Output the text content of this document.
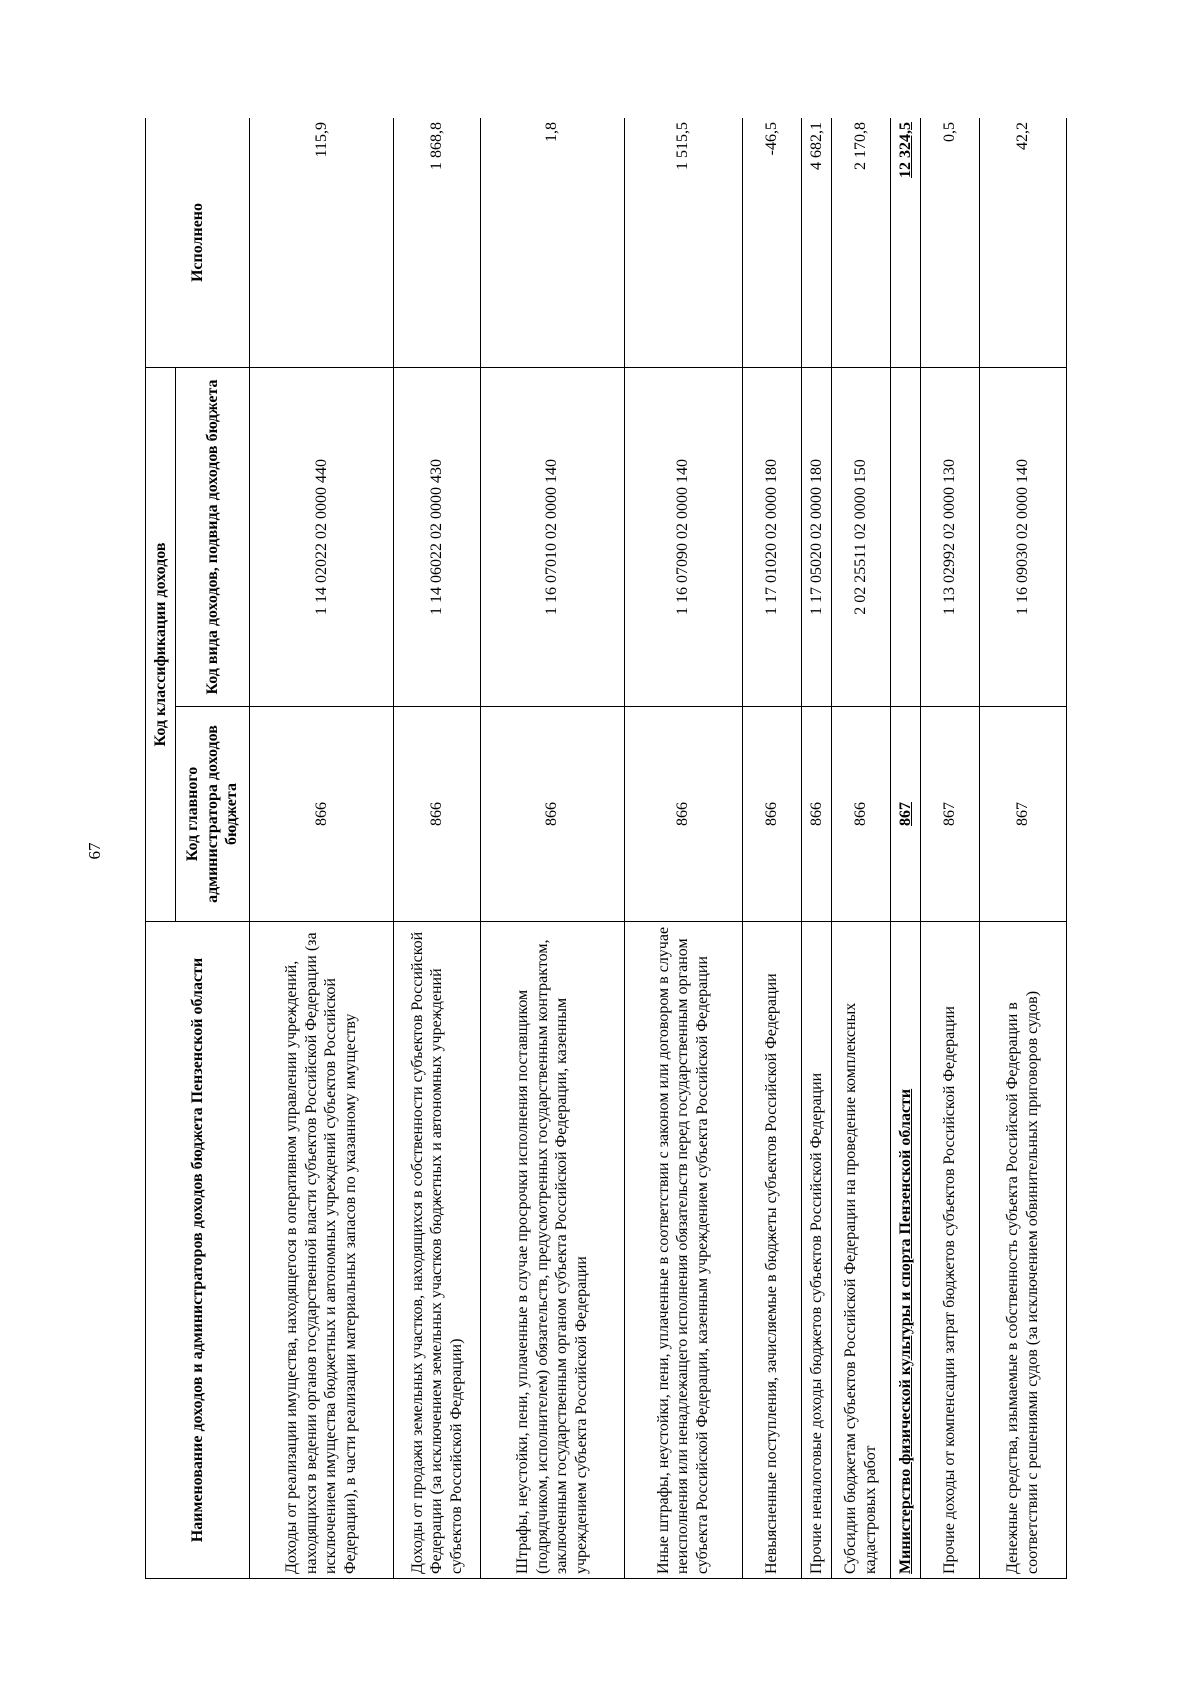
67
Наименование доходов и администраторов доходов бюджета Пензенской области	Код классификации доходов		Исполнено
	Код главного администратора доходов бюджета	Код вида доходов, подвида доходов бюджета	
Доходы от реализации имущества, находящегося в оперативном управлении учреждений, находящихся в ведении органов государственной власти субъектов Российской Федерации (за исключением имущества бюджетных и автономных учреждений субъектов Российской Федерации), в части реализации материальных запасов по указанному имуществу	866	1 14 02022 02 0000 440	115,9
Доходы от продажи земельных участков, находящихся в собственности субъектов Российской Федерации (за исключением земельных участков бюджетных и автономных учреждений субъектов Российской Федерации)	866	1 14 06022 02 0000 430	1 868,8
Штрафы, неустойки, пени, уплаченные в случае просрочки исполнения поставщиком (подрядчиком, исполнителем) обязательств, предусмотренных государственным контрактом, заключенным государственным органом субъекта Российской Федерации, казенным учреждением субъекта Российской Федерации	866	1 16 07010 02 0000 140	1,8
Иные штрафы, неустойки, пени, уплаченные в соответствии с законом или договором в случае неисполнения или ненадлежащего исполнения обязательств перед государственным органом субъекта Российской Федерации, казенным учреждением субъекта Российской Федерации	866	1 16 07090 02 0000 140	1 515,5
Невыясненные поступления, зачисляемые в бюджеты субъектов Российской Федерации	866	1 17 01020 02 0000 180	-46,5
Прочие неналоговые доходы бюджетов субъектов Российской Федерации	866	1 17 05020 02 0000 180	4 682,1
Субсидии бюджетам субъектов Российской Федерации на проведение комплексных кадастровых работ	866	2 02 25511 02 0000 150	2 170,8
Министерство физической культуры и спорта Пензенской области	867		12 324,5
Прочие доходы от компенсации затрат бюджетов субъектов Российской Федерации	867	1 13 02992 02 0000 130	0,5
Денежные средства, изымаемые в собственность субъекта Российской Федерации в соответствии с решениями судов (за исключением обвинительных приговоров судов)	867	1 16 09030 02 0000 140	42,2
